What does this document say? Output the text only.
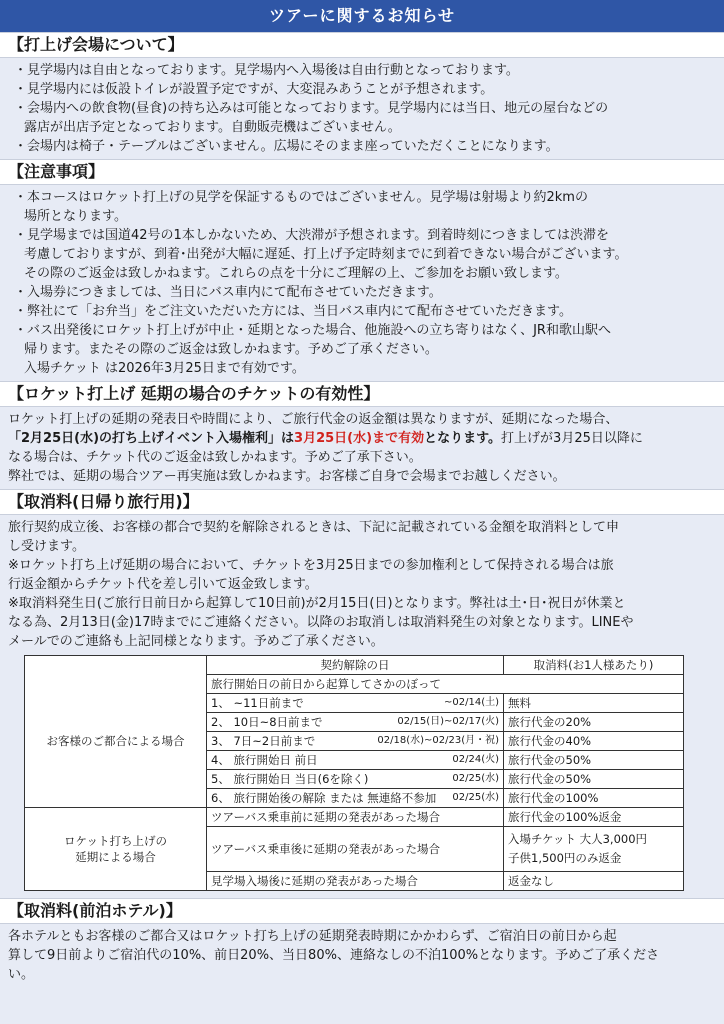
ツアーに関するお知らせ
【打上げ会場について】
・見学場内は自由となっております。見学場内へ入場後は自由行動となっております。
・見学場内には仮設トイレが設置予定ですが、大変混みあうことが予想されます。
・会場内への飲食物(昼食)の持ち込みは可能となっております。見学場内には当日、地元の屋台などの
露店が出店予定となっております。自動販売機はございません。
・会場内は椅子・テーブルはございません。広場にそのまま座っていただくことになります。
【注意事項】
・本コースはロケット打上げの見学を保証するものではございません。見学場は射場より約2kmの
場所となります。
・見学場までは国道42号の1本しかないため、大渋滞が予想されます。到着時刻につきましては渋滞を
考慮しておりますが、到着･出発が大幅に遅延、打上げ予定時刻までに到着できない場合がございます。
その際のご返金は致しかねます。これらの点を十分にご理解の上、ご参加をお願い致します。
・入場券につきましては、当日にバス車内にて配布させていただきます。
・弊社にて「お弁当」をご注文いただいた方には、当日バス車内にて配布させていただきます。
・バス出発後にロケット打上げが中止・延期となった場合、他施設への立ち寄りはなく、JR和歌山駅へ
帰ります。またその際のご返金は致しかねます。予めご了承ください。
入場チケット は2026年3月25日まで有効です。
【ロケット打上げ 延期の場合のチケットの有効性】
ロケット打上げの延期の発表日や時間により、ご旅行代金の返金額は異なりますが、延期になった場合、
「2月25日(水)の打ち上げイベント入場権利」は3月25日(水)まで有効となります。打上げが3月25日以降に
なる場合は、チケット代のご返金は致しかねます。予めご了承下さい。
弊社では、延期の場合ツアー再実施は致しかねます。お客様ご自身で会場までお越しください。
【取消料(日帰り旅行用)】
旅行契約成立後、お客様の都合で契約を解除されるときは、下記に記載されている金額を取消料として申
し受けます。
※ロケット打ち上げ延期の場合において、チケットを3月25日までの参加権利として保持される場合は旅
行返金額からチケット代を差し引いて返金致します。
※取消料発生日(ご旅行日前日から起算して10日前)が2月15日(日)となります。弊社は土･日･祝日が休業と
なる為、2月13日(金)17時までにご連絡ください。以降のお取消しは取消料発生の対象となります。LINEや
メールでのご連絡も上記同様となります。予めご了承ください。
	契約解除の日	取消料(お1人様あたり)
お客様のご都合による場合	旅行開始日の前日から起算してさかのぼって	

	1、 ~11日前まで ~02/14(土)	無料

	2、 10日~8日前まで 02/15(日)~02/17(火)	旅行代金の20%

	3、 7日~2日前まで 02/18(水)~02/23(月・祝)	旅行代金の40%

	4、 旅行開始日 前日 02/24(火)	旅行代金の50%

	5、 旅行開始日 当日(6を除く) 02/25(水)	旅行代金の50%

	6、 旅行開始後の解除 または 無連絡不参加 02/25(水)	旅行代金の100%

ロケット打ち上げの
延期による場合	ツアーバス乗車前に延期の発表があった場合	旅行代金の100%返金
	ツアーバス乗車後に延期の発表があった場合	入場チケット 大人3,000円
子供1,500円のみ返金

	見学場入場後に延期の発表があった場合	返金なし
【取消料(前泊ホテル)】
各ホテルともお客様のご都合又はロケット打ち上げの延期発表時期にかかわらず、ご宿泊日の前日から起
算して9日前よりご宿泊代の10%、前日20%、当日80%、連絡なしの不泊100%となります。予めご了承くださ
い。
